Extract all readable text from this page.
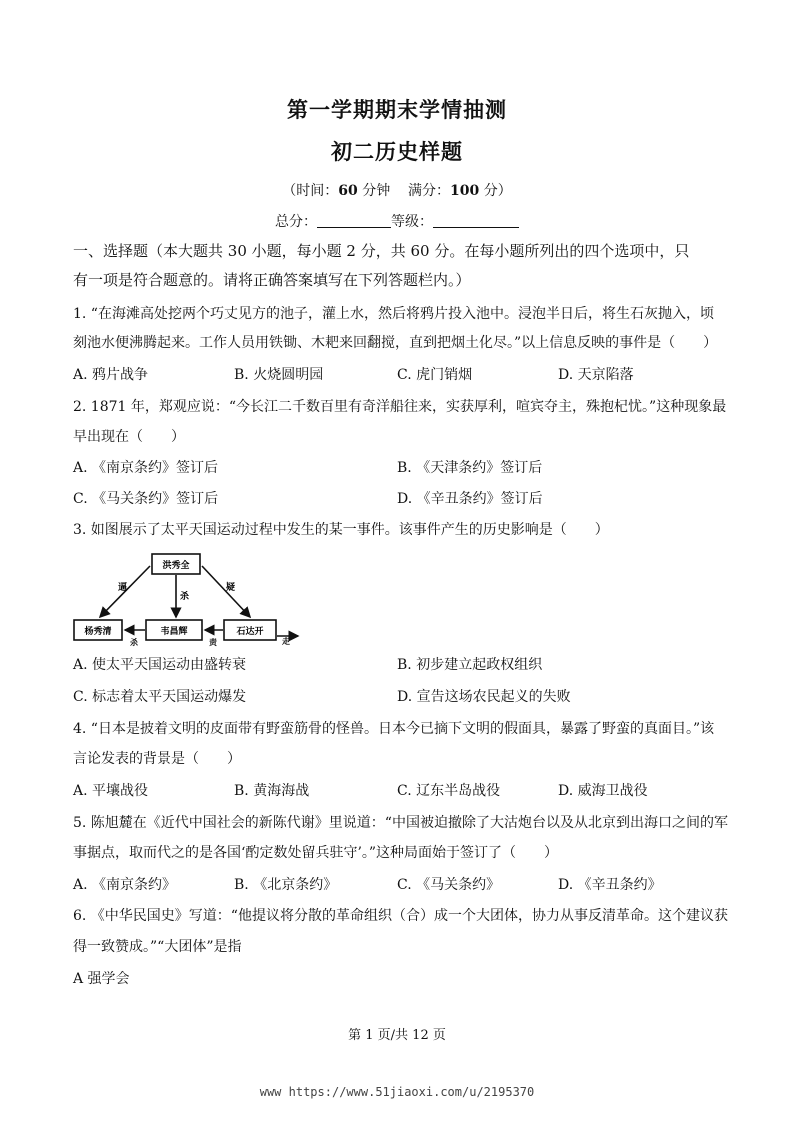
第一学期期末学情抽测
初二历史样题
（时间：60 分钟 满分：100 分）
总分：	等级：
一、选择题（本大题共 30 小题，每小题 2 分，共 60 分。在每小题所列出的四个选项中，只
有一项是符合题意的。请将正确答案填写在下列答题栏内。）
1. “在海滩高处挖两个巧丈见方的池子，灌上水，然后将鸦片投入池中。浸泡半日后，将生石灰抛入，顷
刻池水便沸腾起来。工作人员用铁锄、木耙来回翻搅，直到把烟土化尽。”以上信息反映的事件是（　　）
A. 鸦片战争	B. 火烧圆明园	C. 虎门销烟	D. 天京陷落
2. 1871 年，郑观应说：“今长江二千数百里有奇洋船往来，实获厚利，喧宾夺主，殊抱杞忧。”这种现象最
早出现在（　　）
A. 《南京条约》签订后	B. 《天津条约》签订后
C. 《马关条约》签订后	D. 《辛丑条约》签订后
3. 如图展示了太平天国运动过程中发生的某一事件。该事件产生的历史影响是（　　）
洪秀全
杨秀清	韦昌辉	石达开
逼
杀
疑
杀	责	走
A. 使太平天国运动由盛转衰	B. 初步建立起政权组织
C. 标志着太平天国运动爆发	D. 宣告这场农民起义的失败
4. “日本是披着文明的皮面带有野蛮筋骨的怪兽。日本今已摘下文明的假面具，暴露了野蛮的真面目。”该
言论发表的背景是（　　）
A. 平壤战役	B. 黄海海战	C. 辽东半岛战役	D. 威海卫战役
5. 陈旭麓在《近代中国社会的新陈代谢》里说道：“中国被迫撤除了大沽炮台以及从北京到出海口之间的军
事据点，取而代之的是各国‘酌定数处留兵驻守’。”这种局面始于签订了（　　）
A. 《南京条约》	B. 《北京条约》	C. 《马关条约》	D. 《辛丑条约》
6. 《中华民国史》写道：“他提议将分散的革命组织（合）成一个大团体，协力从事反清革命。这个建议获
得一致赞成。”“大团体”是指
A 强学会
第 1 页/共 12 页
www https://www.51jiaoxi.com/u/2195370
